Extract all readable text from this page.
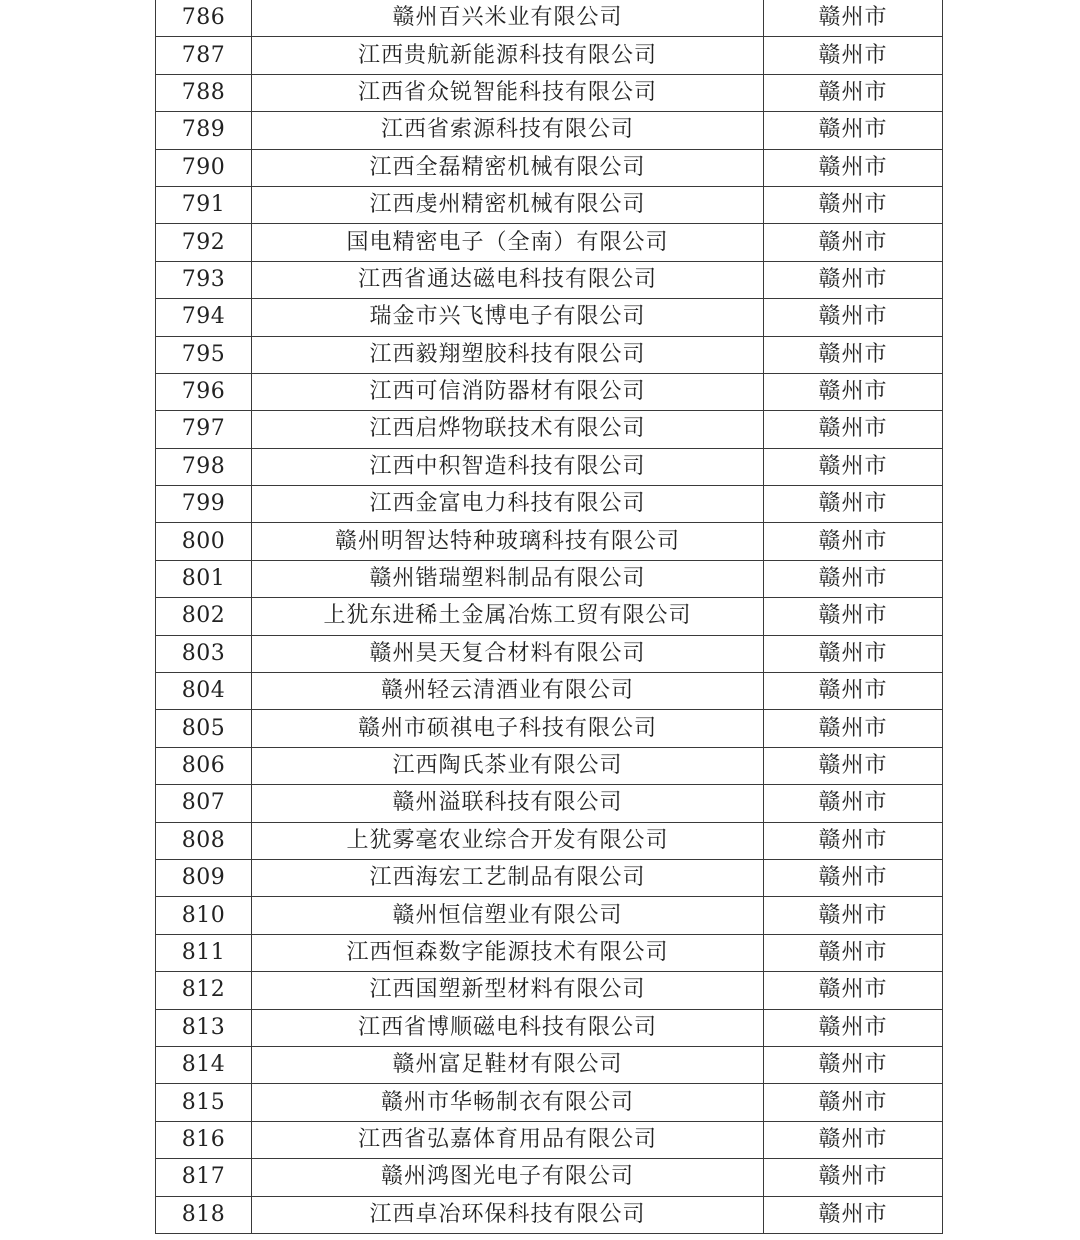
786	赣州百兴米业有限公司	赣州市
787	江西贵航新能源科技有限公司	赣州市
788	江西省众锐智能科技有限公司	赣州市
789	江西省索源科技有限公司	赣州市
790	江西全磊精密机械有限公司	赣州市
791	江西虔州精密机械有限公司	赣州市
792	国电精密电子（全南）有限公司	赣州市
793	江西省通达磁电科技有限公司	赣州市
794	瑞金市兴飞博电子有限公司	赣州市
795	江西毅翔塑胶科技有限公司	赣州市
796	江西可信消防器材有限公司	赣州市
797	江西启烨物联技术有限公司	赣州市
798	江西中积智造科技有限公司	赣州市
799	江西金富电力科技有限公司	赣州市
800	赣州明智达特种玻璃科技有限公司	赣州市
801	赣州锴瑞塑料制品有限公司	赣州市
802	上犹东进稀土金属冶炼工贸有限公司	赣州市
803	赣州昊天复合材料有限公司	赣州市
804	赣州轻云清酒业有限公司	赣州市
805	赣州市硕祺电子科技有限公司	赣州市
806	江西陶氏茶业有限公司	赣州市
807	赣州溢联科技有限公司	赣州市
808	上犹雾毫农业综合开发有限公司	赣州市
809	江西海宏工艺制品有限公司	赣州市
810	赣州恒信塑业有限公司	赣州市
811	江西恒森数字能源技术有限公司	赣州市
812	江西国塑新型材料有限公司	赣州市
813	江西省博顺磁电科技有限公司	赣州市
814	赣州富足鞋材有限公司	赣州市
815	赣州市华畅制衣有限公司	赣州市
816	江西省弘嘉体育用品有限公司	赣州市
817	赣州鸿图光电子有限公司	赣州市
818	江西卓冶环保科技有限公司	赣州市
